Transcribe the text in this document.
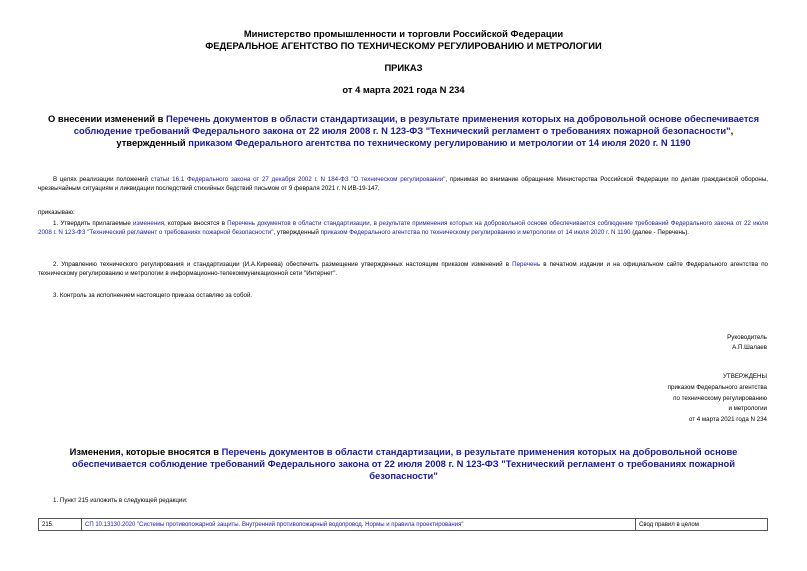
Министерство промышленности и торговли Российской Федерации
ФЕДЕРАЛЬНОЕ АГЕНТСТВО ПО ТЕХНИЧЕСКОМУ РЕГУЛИРОВАНИЮ И МЕТРОЛОГИИ
ПРИКАЗ
от 4 марта 2021 года N 234
О внесении изменений в Перечень документов в области стандартизации, в результате применения которых на добровольной основе обеспечивается соблюдение требований Федерального закона от 22 июля 2008 г. N 123-ФЗ "Технический регламент о требованиях пожарной безопасности", утвержденный приказом Федерального агентства по техническому регулированию и метрологии от 14 июля 2020 г. N 1190
В целях реализации положений статьи 16.1 Федерального закона от 27 декабря 2002 г. N 184-ФЗ "О техническом регулировании", принимая во внимание обращение Министерства Российской Федерации по делам гражданской обороны, чрезвычайным ситуациям и ликвидации последствий стихийных бедствий письмом от 9 февраля 2021 г. N ИВ-19-147,
приказываю:
1. Утвердить прилагаемые изменения, которые вносятся в Перечень документов в области стандартизации, в результате применения которых на добровольной основе обеспечивается соблюдение требований Федерального закона от 22 июля 2008 г. N 123-ФЗ "Технический регламент о требованиях пожарной безопасности", утвержденный приказом Федерального агентства по техническому регулированию и метрологии от 14 июля 2020 г. N 1190 (далее - Перечень).
2. Управлению технического регулирования и стандартизации (И.А.Киреева) обеспечить размещение утвержденных настоящим приказом изменений в Перечень в печатном издании и на официальном сайте Федерального агентства по техническому регулированию и метрологии в информационно-телекоммуникационной сети "Интернет".
3. Контроль за исполнением настоящего приказа оставляю за собой.
Руководитель
А.П.Шалаев
УТВЕРЖДЕНЫ
приказом Федерального агентства
по техническому регулированию
и метрологии
от 4 марта 2021 года N 234
Изменения, которые вносятся в Перечень документов в области стандартизации, в результате применения которых на добровольной основе обеспечивается соблюдение требований Федерального закона от 22 июля 2008 г. N 123-ФЗ "Технический регламент о требованиях пожарной безопасности"
1. Пункт 215 изложить в следующей редакции:
215.	СП 10.13130.2020 "Системы противопожарной защиты. Внутренний противопожарный водопровод. Нормы и правила проектирования"	Свод правил в целом
